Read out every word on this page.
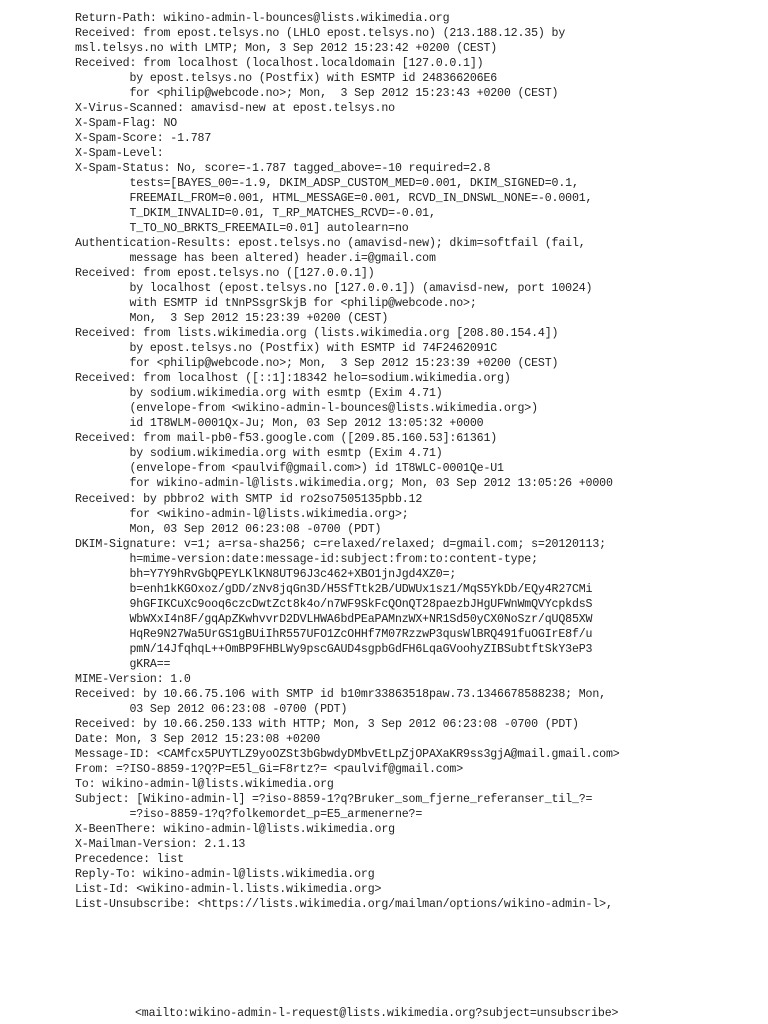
Return-Path: wikino-admin-l-bounces@lists.wikimedia.org
Received: from epost.telsys.no (LHLO epost.telsys.no) (213.188.12.35) by
msl.telsys.no with LMTP; Mon, 3 Sep 2012 15:23:42 +0200 (CEST)
Received: from localhost (localhost.localdomain [127.0.0.1])
by epost.telsys.no (Postfix) with ESMTP id 248366206E6
for <philip@webcode.no>; Mon,  3 Sep 2012 15:23:43 +0200 (CEST)
X-Virus-Scanned: amavisd-new at epost.telsys.no
X-Spam-Flag: NO
X-Spam-Score: -1.787
X-Spam-Level:
X-Spam-Status: No, score=-1.787 tagged_above=-10 required=2.8
tests=[BAYES_00=-1.9, DKIM_ADSP_CUSTOM_MED=0.001, DKIM_SIGNED=0.1,
FREEMAIL_FROM=0.001, HTML_MESSAGE=0.001, RCVD_IN_DNSWL_NONE=-0.0001,
T_DKIM_INVALID=0.01, T_RP_MATCHES_RCVD=-0.01,
T_TO_NO_BRKTS_FREEMAIL=0.01] autolearn=no
Authentication-Results: epost.telsys.no (amavisd-new); dkim=softfail (fail,
message has been altered) header.i=@gmail.com
Received: from epost.telsys.no ([127.0.0.1])
by localhost (epost.telsys.no [127.0.0.1]) (amavisd-new, port 10024)
with ESMTP id tNnPSsgrSkjB for <philip@webcode.no>;
Mon,  3 Sep 2012 15:23:39 +0200 (CEST)
Received: from lists.wikimedia.org (lists.wikimedia.org [208.80.154.4])
by epost.telsys.no (Postfix) with ESMTP id 74F2462091C
for <philip@webcode.no>; Mon,  3 Sep 2012 15:23:39 +0200 (CEST)
Received: from localhost ([::1]:18342 helo=sodium.wikimedia.org)
by sodium.wikimedia.org with esmtp (Exim 4.71)
(envelope-from <wikino-admin-l-bounces@lists.wikimedia.org>)
id 1T8WLM-0001Qx-Ju; Mon, 03 Sep 2012 13:05:32 +0000
Received: from mail-pb0-f53.google.com ([209.85.160.53]:61361)
by sodium.wikimedia.org with esmtp (Exim 4.71)
(envelope-from <paulvif@gmail.com>) id 1T8WLC-0001Qe-U1
for wikino-admin-l@lists.wikimedia.org; Mon, 03 Sep 2012 13:05:26 +0000
Received: by pbbro2 with SMTP id ro2so7505135pbb.12
for <wikino-admin-l@lists.wikimedia.org>;
Mon, 03 Sep 2012 06:23:08 -0700 (PDT)
DKIM-Signature: v=1; a=rsa-sha256; c=relaxed/relaxed; d=gmail.com; s=20120113;
h=mime-version:date:message-id:subject:from:to:content-type;
bh=Y7Y9hRvGbQPEYLKlKN8UT96J3c462+XBO1jnJgd4XZ0=;
b=enh1kKGOxoz/gDD/zNv8jqGn3D/H5SfTtk2B/UDWUx1sz1/MqS5YkDb/EQy4R27CMi
9hGFIKCuXc9ooq6czcDwtZct8k4o/n7WF9SkFcQOnQT28paezbJHgUFWnWmQVYcpkdsS
WbWXxI4n8F/gqApZKwhvvrD2DVLHWA6bdPEaPAMnzWX+NR1Sd50yCX0NoSzr/qUQ85XW
HqRe9N27Wa5UrGS1gBUiIhR557UFO1ZcOHHf7M07RzzwP3qusWlBRQ491fuOGIrE8f/u
pmN/14JfqhqL++OmBP9FHBLWy9pscGAUD4sgpbGdFH6LqaGVoohyZIBSubtftSkY3eP3
gKRA==
MIME-Version: 1.0
Received: by 10.66.75.106 with SMTP id b10mr33863518paw.73.1346678588238; Mon,
03 Sep 2012 06:23:08 -0700 (PDT)
Received: by 10.66.250.133 with HTTP; Mon, 3 Sep 2012 06:23:08 -0700 (PDT)
Date: Mon, 3 Sep 2012 15:23:08 +0200
Message-ID: <CAMfcx5PUYTLZ9yoOZSt3bGbwdyDMbvEtLpZjOPAXaKR9ss3gjA@mail.gmail.com>
From: =?ISO-8859-1?Q?P=E5l_Gi=F8rtz?= <paulvif@gmail.com>
To: wikino-admin-l@lists.wikimedia.org
Subject: [Wikino-admin-l] =?iso-8859-1?q?Bruker_som_fjerne_referanser_til_?=
=?iso-8859-1?q?folkemordet_p=E5_armenerne?=
X-BeenThere: wikino-admin-l@lists.wikimedia.org
X-Mailman-Version: 2.1.13
Precedence: list
Reply-To: wikino-admin-l@lists.wikimedia.org
List-Id: <wikino-admin-l.lists.wikimedia.org>
List-Unsubscribe: <https://lists.wikimedia.org/mailman/options/wikino-admin-l>,
<mailto:wikino-admin-l-request@lists.wikimedia.org?subject=unsubscribe>
